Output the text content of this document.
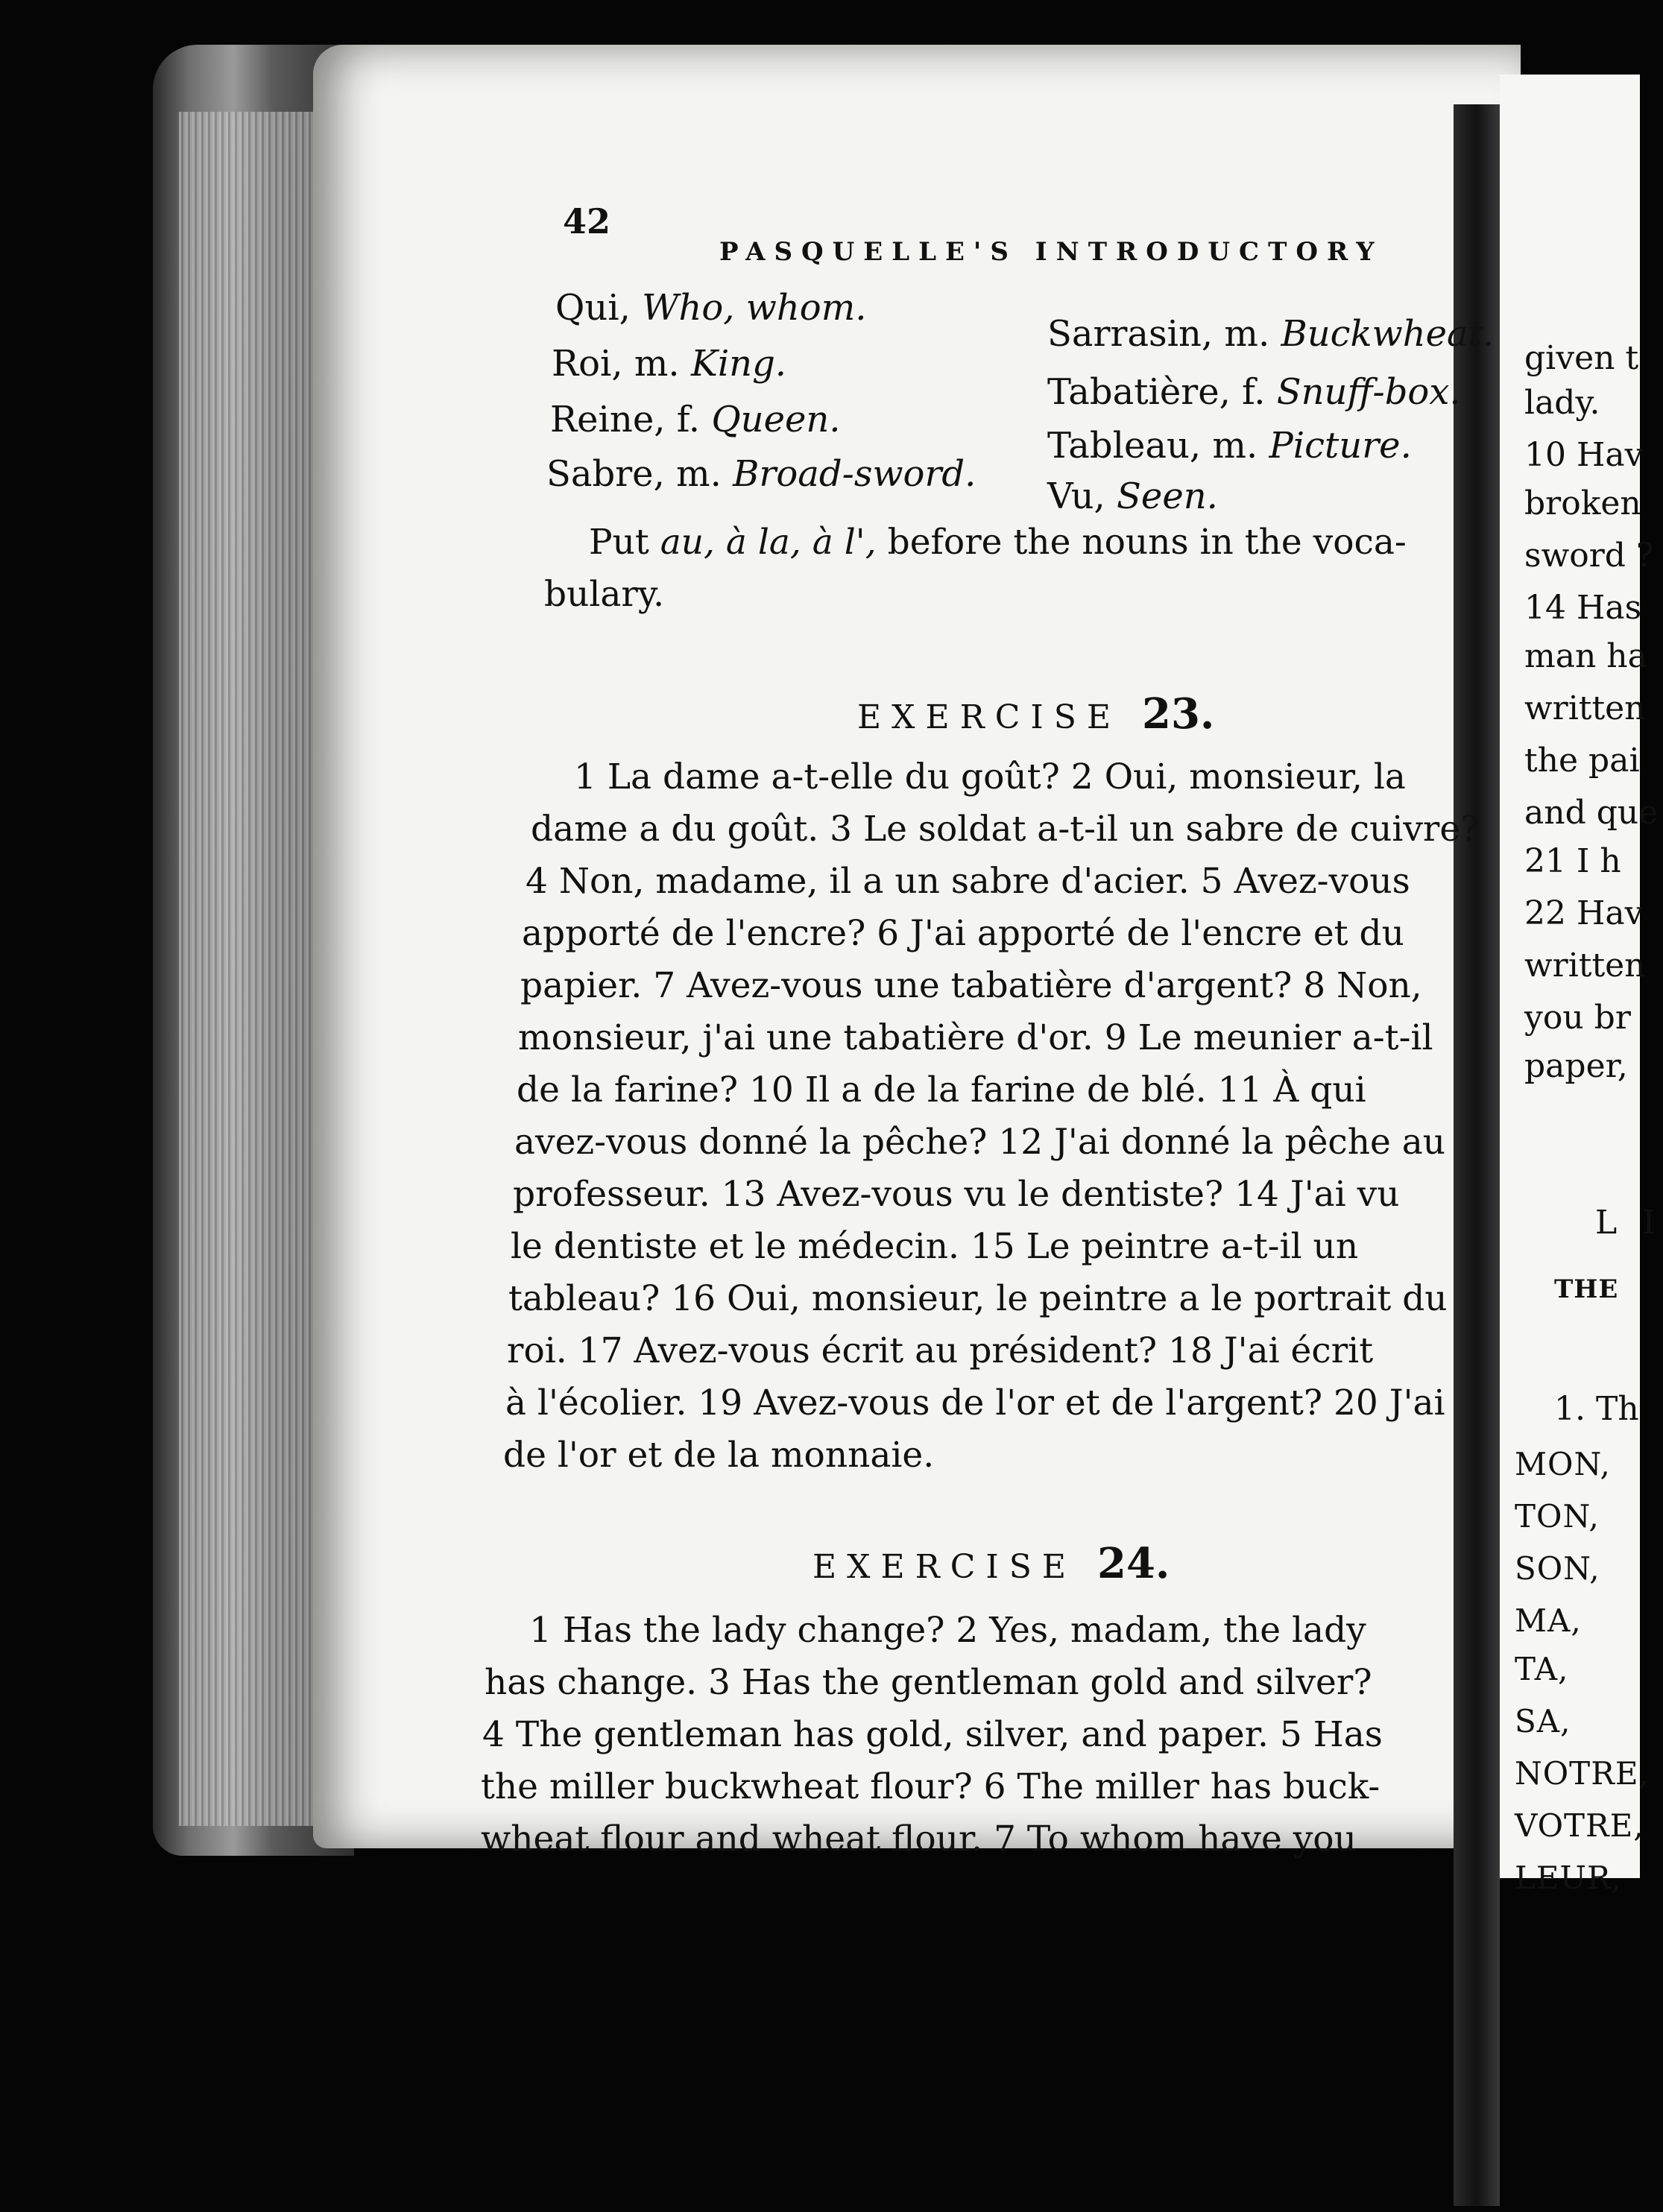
42
PASQUELLE'S INTRODUCTORY
Qui, Who, whom.
Roi, m. King.
Reine, f. Queen.
Sabre, m. Broad-sword.
Sarrasin, m. Buckwheat.
Tabatière, f. Snuff-box.
Tableau, m. Picture.
Vu, Seen.
Put au, à la, à l', before the nouns in the voca-
bulary.
EXERCISE 23.
1 La dame a-t-elle du goût? 2 Oui, monsieur, la
dame a du goût. 3 Le soldat a-t-il un sabre de cuivre?
4 Non, madame, il a un sabre d'acier. 5 Avez-vous
apporté de l'encre? 6 J'ai apporté de l'encre et du
papier. 7 Avez-vous une tabatière d'argent? 8 Non,
monsieur, j'ai une tabatière d'or. 9 Le meunier a-t-il
de la farine? 10 Il a de la farine de blé. 11 À qui
avez-vous donné la pêche? 12 J'ai donné la pêche au
professeur. 13 Avez-vous vu le dentiste? 14 J'ai vu
le dentiste et le médecin. 15 Le peintre a-t-il un
tableau? 16 Oui, monsieur, le peintre a le portrait du
roi. 17 Avez-vous écrit au président? 18 J'ai écrit
à l'écolier. 19 Avez-vous de l'or et de l'argent? 20 J'ai
de l'or et de la monnaie.
EXERCISE 24.
1 Has the lady change? 2 Yes, madam, the lady
has change. 3 Has the gentleman gold and silver?
4 The gentleman has gold, silver, and paper. 5 Has
the miller buckwheat flour? 6 The miller has buck-
wheat flour and wheat flour. 7 To whom have you
given t
lady.
10 Hav
broken
sword ?
14 Has
man ha
written
the pai
and que
21 I h
22 Hav
written
you br
paper,
L I
THE
1. Th
MON,
TON,
SON,
MA,
TA,
SA,
NOTRE,
VOTRE,
LEUR,
